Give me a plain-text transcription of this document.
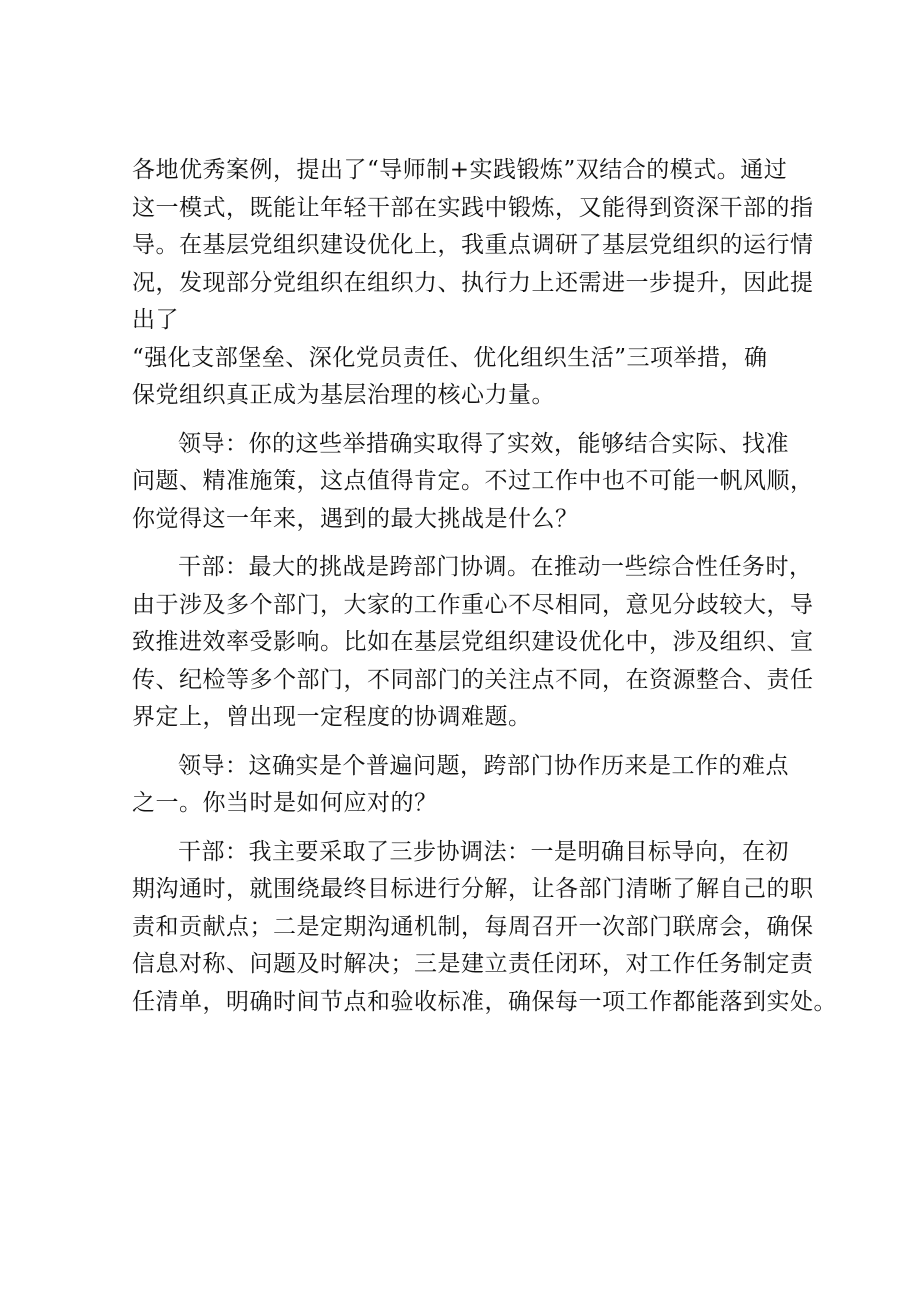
各地优秀案例，提出了“导师制+实践锻炼”双结合的模式。通过
这一模式，既能让年轻干部在实践中锻炼，又能得到资深干部的指
导。在基层党组织建设优化上，我重点调研了基层党组织的运行情
况，发现部分党组织在组织力、执行力上还需进一步提升，因此提
出了
“强化支部堡垒、深化党员责任、优化组织生活”三项举措，确
保党组织真正成为基层治理的核心力量。

领导：你的这些举措确实取得了实效，能够结合实际、找准
问题、精准施策，这点值得肯定。不过工作中也不可能一帆风顺，
你觉得这一年来，遇到的最大挑战是什么？

干部：最大的挑战是跨部门协调。在推动一些综合性任务时，
由于涉及多个部门，大家的工作重心不尽相同，意见分歧较大，导
致推进效率受影响。比如在基层党组织建设优化中，涉及组织、宣
传、纪检等多个部门，不同部门的关注点不同，在资源整合、责任
界定上，曾出现一定程度的协调难题。

领导：这确实是个普遍问题，跨部门协作历来是工作的难点
之一。你当时是如何应对的？

干部：我主要采取了三步协调法：一是明确目标导向，在初
期沟通时，就围绕最终目标进行分解，让各部门清晰了解自己的职
责和贡献点；二是定期沟通机制，每周召开一次部门联席会，确保
信息对称、问题及时解决；三是建立责任闭环，对工作任务制定责
任清单，明确时间节点和验收标准，确保每一项工作都能落到实处。
